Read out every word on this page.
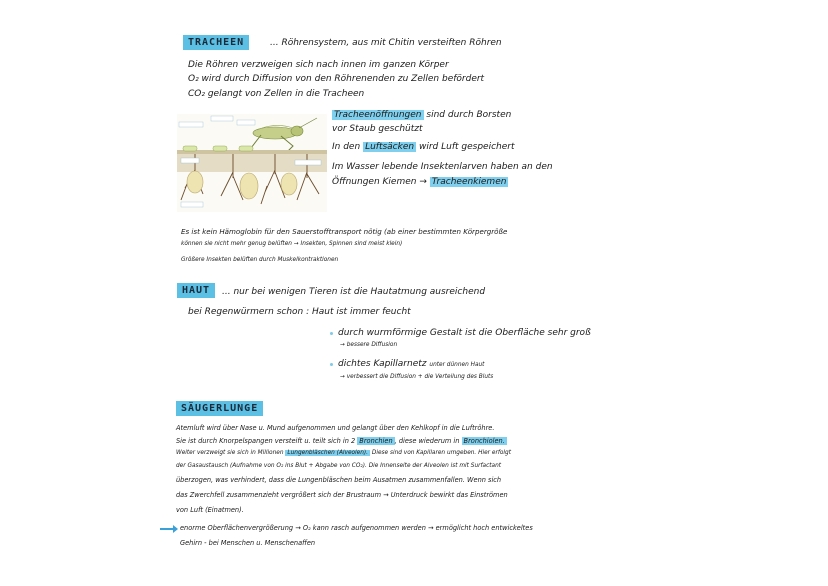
TRACHEEN	... Röhrensystem, aus mit Chitin versteiften Röhren
Die Röhren verzweigen sich nach innen im ganzen Körper
O₂ wird durch Diffusion von den Röhrenenden zu Zellen befördert
CO₂ gelangt von Zellen in die Tracheen
Tracheenöffnungen sind durch Borsten
vor Staub geschützt
In den Luftsäcken wird Luft gespeichert
Im Wasser lebende Insektenlarven haben an den
Öffnungen Kiemen → Tracheenkiemen
Es ist kein Hämoglobin für den Sauerstofftransport nötig (ab einer bestimmten Körpergröße
können sie nicht mehr genug belüften → Insekten, Spinnen sind meist klein)
Größere Insekten belüften durch Muskelkontraktionen
HAUT	... nur bei wenigen Tieren ist die Hautatmung ausreichend
bei Regenwürmern schon : Haut ist immer feucht
durch wurmförmige Gestalt ist die Oberfläche sehr groß
→ bessere Diffusion
dichtes Kapillarnetz unter dünnen Haut
→ verbessert die Diffusion + die Verteilung des Bluts
SÄUGERLUNGE
Atemluft wird über Nase u. Mund aufgenommen und gelangt über den Kehlkopf in die Luftröhre.
Sie ist durch Knorpelspangen versteift u. teilt sich in 2 Bronchien , diese wiederum in Bronchiolen.
Weiter verzweigt sie sich in Millionen Lungenbläschen (Alveolen). Diese sind von Kapillaren umgeben. Hier erfolgt
der Gasaustausch (Aufnahme von O₂ ins Blut + Abgabe von CO₂). Die Innenseite der Alveolen ist mit Surfactant
überzogen, was verhindert, dass die Lungenbläschen beim Ausatmen zusammenfallen. Wenn sich
das Zwerchfell zusammenzieht vergrößert sich der Brustraum → Unterdruck bewirkt das Einströmen
von Luft (Einatmen).
enorme Oberflächenvergrößerung → O₂ kann rasch aufgenommen werden → ermöglicht hoch entwickeltes
Gehirn - bei Menschen u. Menschenaffen
